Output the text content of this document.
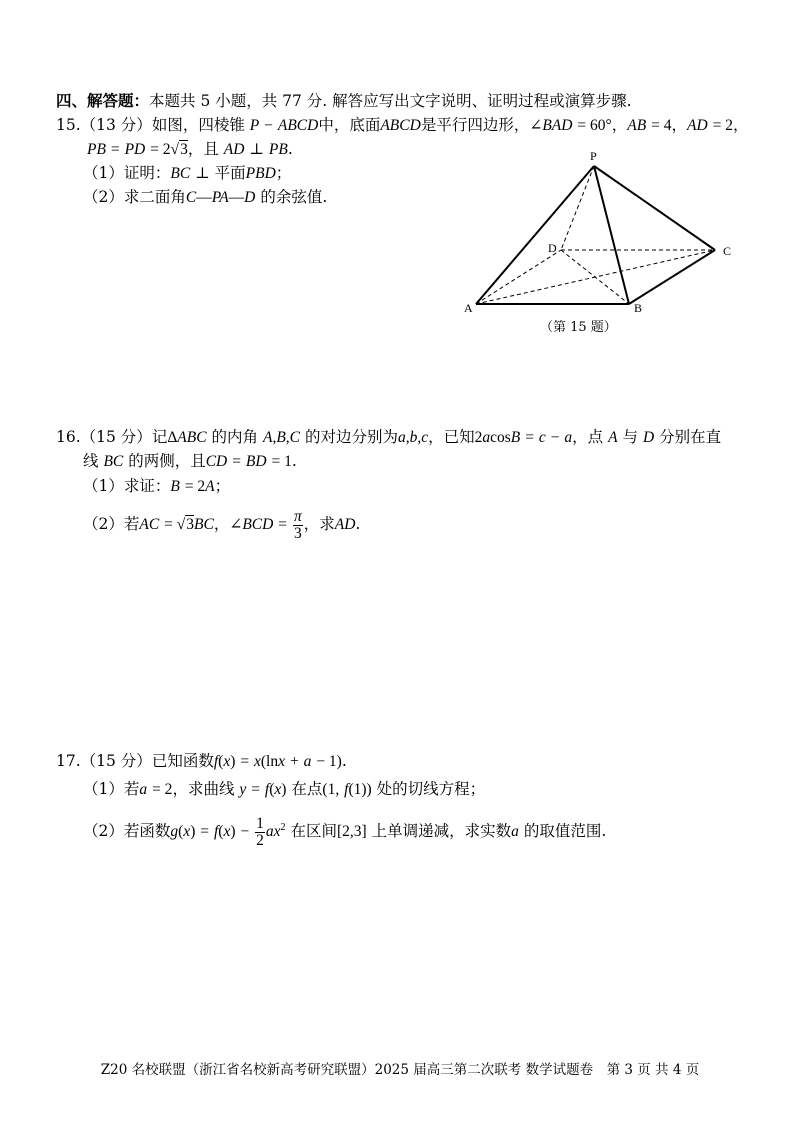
四、解答题：本题共 5 小题，共 77 分. 解答应写出文字说明、证明过程或演算步骤.
15.（13 分）如图，四棱锥 P − ABCD中，底面ABCD是平行四边形，∠BAD = 60°，AB = 4，AD = 2，
PB = PD = 2√3，且 AD ⊥ PB.
（1）证明：BC ⊥ 平面PBD；
（2）求二面角C—PA—D 的余弦值.
P
A	B
C
D
（第 15 题）
16.（15 分）记ΔABC 的内角 A,B,C 的对边分别为a,b,c，已知2acosB = c − a，点 A 与 D 分别在直
线 BC 的两侧，且CD = BD = 1.
（1）求证：B = 2A；
（2）若AC = √3BC，∠BCD = $\frac{\pi}{3}$ ，求AD.
17.（15 分）已知函数f(x) = x(lnx + a − 1).
（1）若a = 2，求曲线 y = f(x) 在点(1, f(1)) 处的切线方程；
（2）若函数$g(x) = f(x) - \frac{1}{2} ax^2$ 在区间[2,3] 上单调递减，求实数a 的取值范围.
Z20 名校联盟（浙江省名校新高考研究联盟）2025 届高三第二次联考 数学试题卷　第 3 页 共 4 页
